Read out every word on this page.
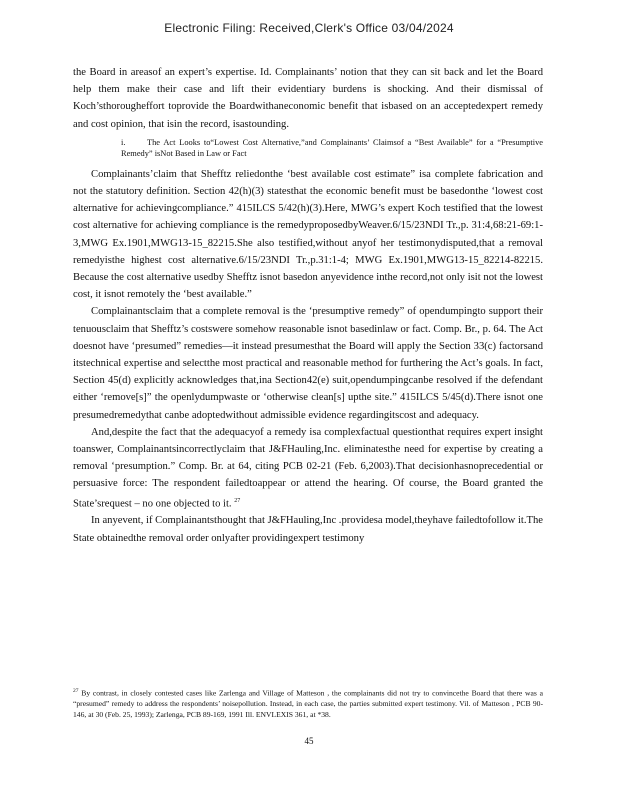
Electronic Filing: Received,Clerk's Office 03/04/2024

the Board in areasof an expert’s expertise. Id. Complainants’ notion that they can sit back and let the Board help them make their case and lift their evidentiary burdens is shocking. And their dismissal of Koch’sthorougheffort toprovide the Boardwithaneconomic benefit that isbased on an acceptedexpert remedy and cost opinion, that isin the record, isastounding.

i.	The Act Looks to“Lowest Cost Alternative,”and Complainants’ Claimsof a “Best Available” for a “Presumptive Remedy” isNot Based in Law or Fact

Complainants’claim that Shefftz reliedonthe ‘best available cost estimate” isa complete fabrication and not the statutory definition. Section 42(h)(3) statesthat the economic benefit must be basedonthe ‘lowest cost alternative for achievingcompliance.” 415ILCS 5/42(h)(3).Here, MWG’s expert Koch testified that the lowest cost alternative for achieving compliance is the remedyproposedbyWeaver.6/15/23NDI Tr.,p. 31:4,68:21-69:1-3,MWG Ex.1901,MWG13-15_82215.She also testified,without anyof her testimonydisputed,that a removal remedyisthe highest cost alternative.6/15/23NDI Tr.,p.31:1-4; MWG Ex.1901,MWG13-15_82214-82215. Because the cost alternative usedby Shefftz isnot basedon anyevidence inthe record,not only isit not the lowest cost, it isnot remotely the ‘best available.”

Complainantsclaim that a complete removal is the ‘presumptive remedy” of opendumpingto support their tenuousclaim that Shefftz’s costswere somehow reasonable isnot basedinlaw or fact. Comp. Br., p. 64. The Act doesnot have ‘presumed” remedies—it instead presumesthat the Board will apply the Section 33(c) factorsand itstechnical expertise and selectthe most practical and reasonable method for furthering the Act’s goals. In fact, Section 45(d) explicitly acknowledges that,ina Section42(e) suit,opendumpingcanbe resolved if the defendant either ‘remove[s]” the openlydumpwaste or ‘otherwise clean[s] upthe site.” 415ILCS 5/45(d).There isnot one presumedremedythat canbe adoptedwithout admissible evidence regardingitscost and adequacy.

And,despite the fact that the adequacyof a remedy isa complexfactual questionthat requires expert insight toanswer, Complainantsincorrectlyclaim that J&FHauling,Inc. eliminatesthe need for expertise by creating a removal ‘presumption.” Comp. Br. at 64, citing PCB 02-21 (Feb. 6,2003).That decisionhasnoprecedential or persuasive force: The respondent failedtoappear or attend the hearing. Of course, the Board granted the State’srequest – no one objected to it. $^{27}$

In anyevent, if Complainantsthought that J&FHauling,Inc .providesa model,theyhave failedtofollow it.The State obtainedthe removal order onlyafter providingexpert testimony

$^{27}$ By contrast, in closely contested cases like Zarlenga and Village of Matteson , the complainants did not try to convincethe Board that there was a “presumed” remedy to address the respondents’ noisepollution. Instead, in each case, the parties submitted expert testimony. Vil. of Matteson , PCB 90-146, at 30 (Feb. 25, 1993); Zarlenga, PCB 89-169, 1991 Ill. ENVLEXIS 361, at *38.

45
